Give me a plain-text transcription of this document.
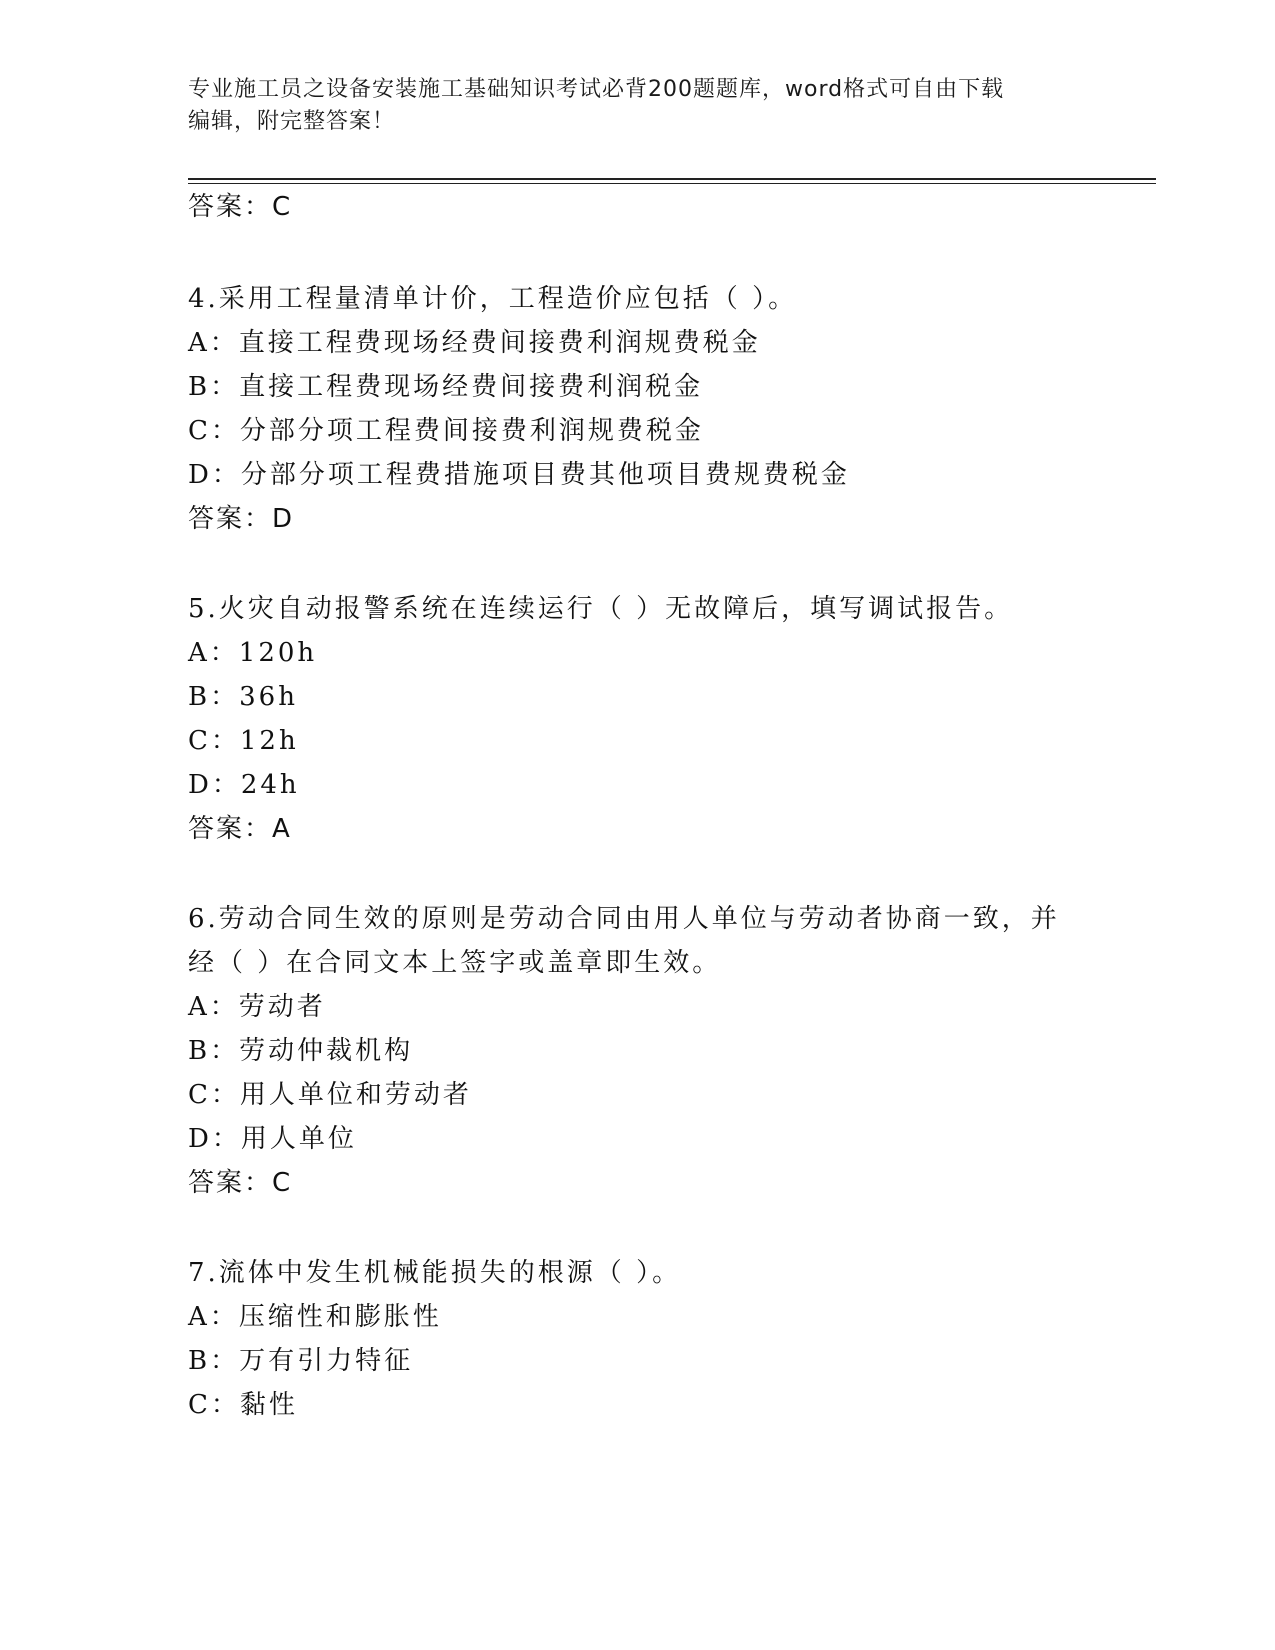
专业施工员之设备安装施工基础知识考试必背200题题库，word格式可自由下载
编辑，附完整答案！
答案：C
4.采用工程量清单计价，工程造价应包括（ ）。
A：直接工程费现场经费间接费利润规费税金
B：直接工程费现场经费间接费利润税金
C：分部分项工程费间接费利润规费税金
D：分部分项工程费措施项目费其他项目费规费税金
答案：D
5.火灾自动报警系统在连续运行（ ）无故障后，填写调试报告。
A：120h
B：36h
C：12h
D：24h
答案：A
6.劳动合同生效的原则是劳动合同由用人单位与劳动者协商一致，并
经（ ）在合同文本上签字或盖章即生效。
A：劳动者
B：劳动仲裁机构
C：用人单位和劳动者
D：用人单位
答案：C
7.流体中发生机械能损失的根源（ ）。
A：压缩性和膨胀性
B：万有引力特征
C：黏性
